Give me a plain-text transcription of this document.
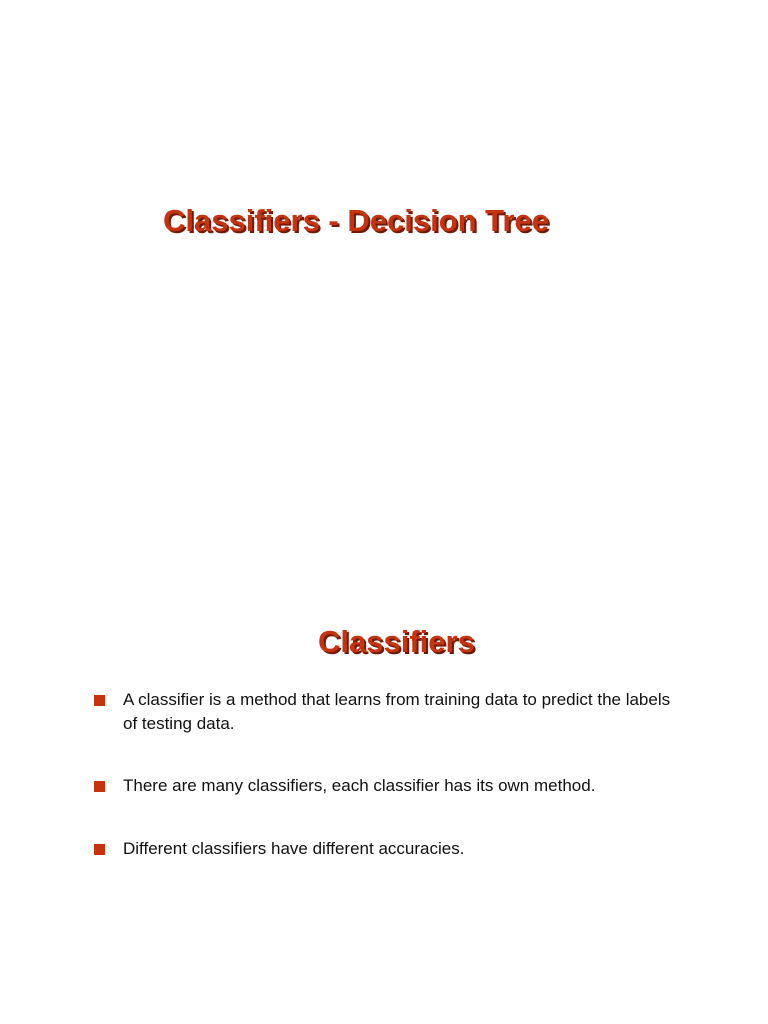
Classifiers - Decision Tree
Classifiers
A classifier is a method that learns from training data to predict the labels of testing data.
There are many classifiers, each classifier has its own method.
Different classifiers have different accuracies.
